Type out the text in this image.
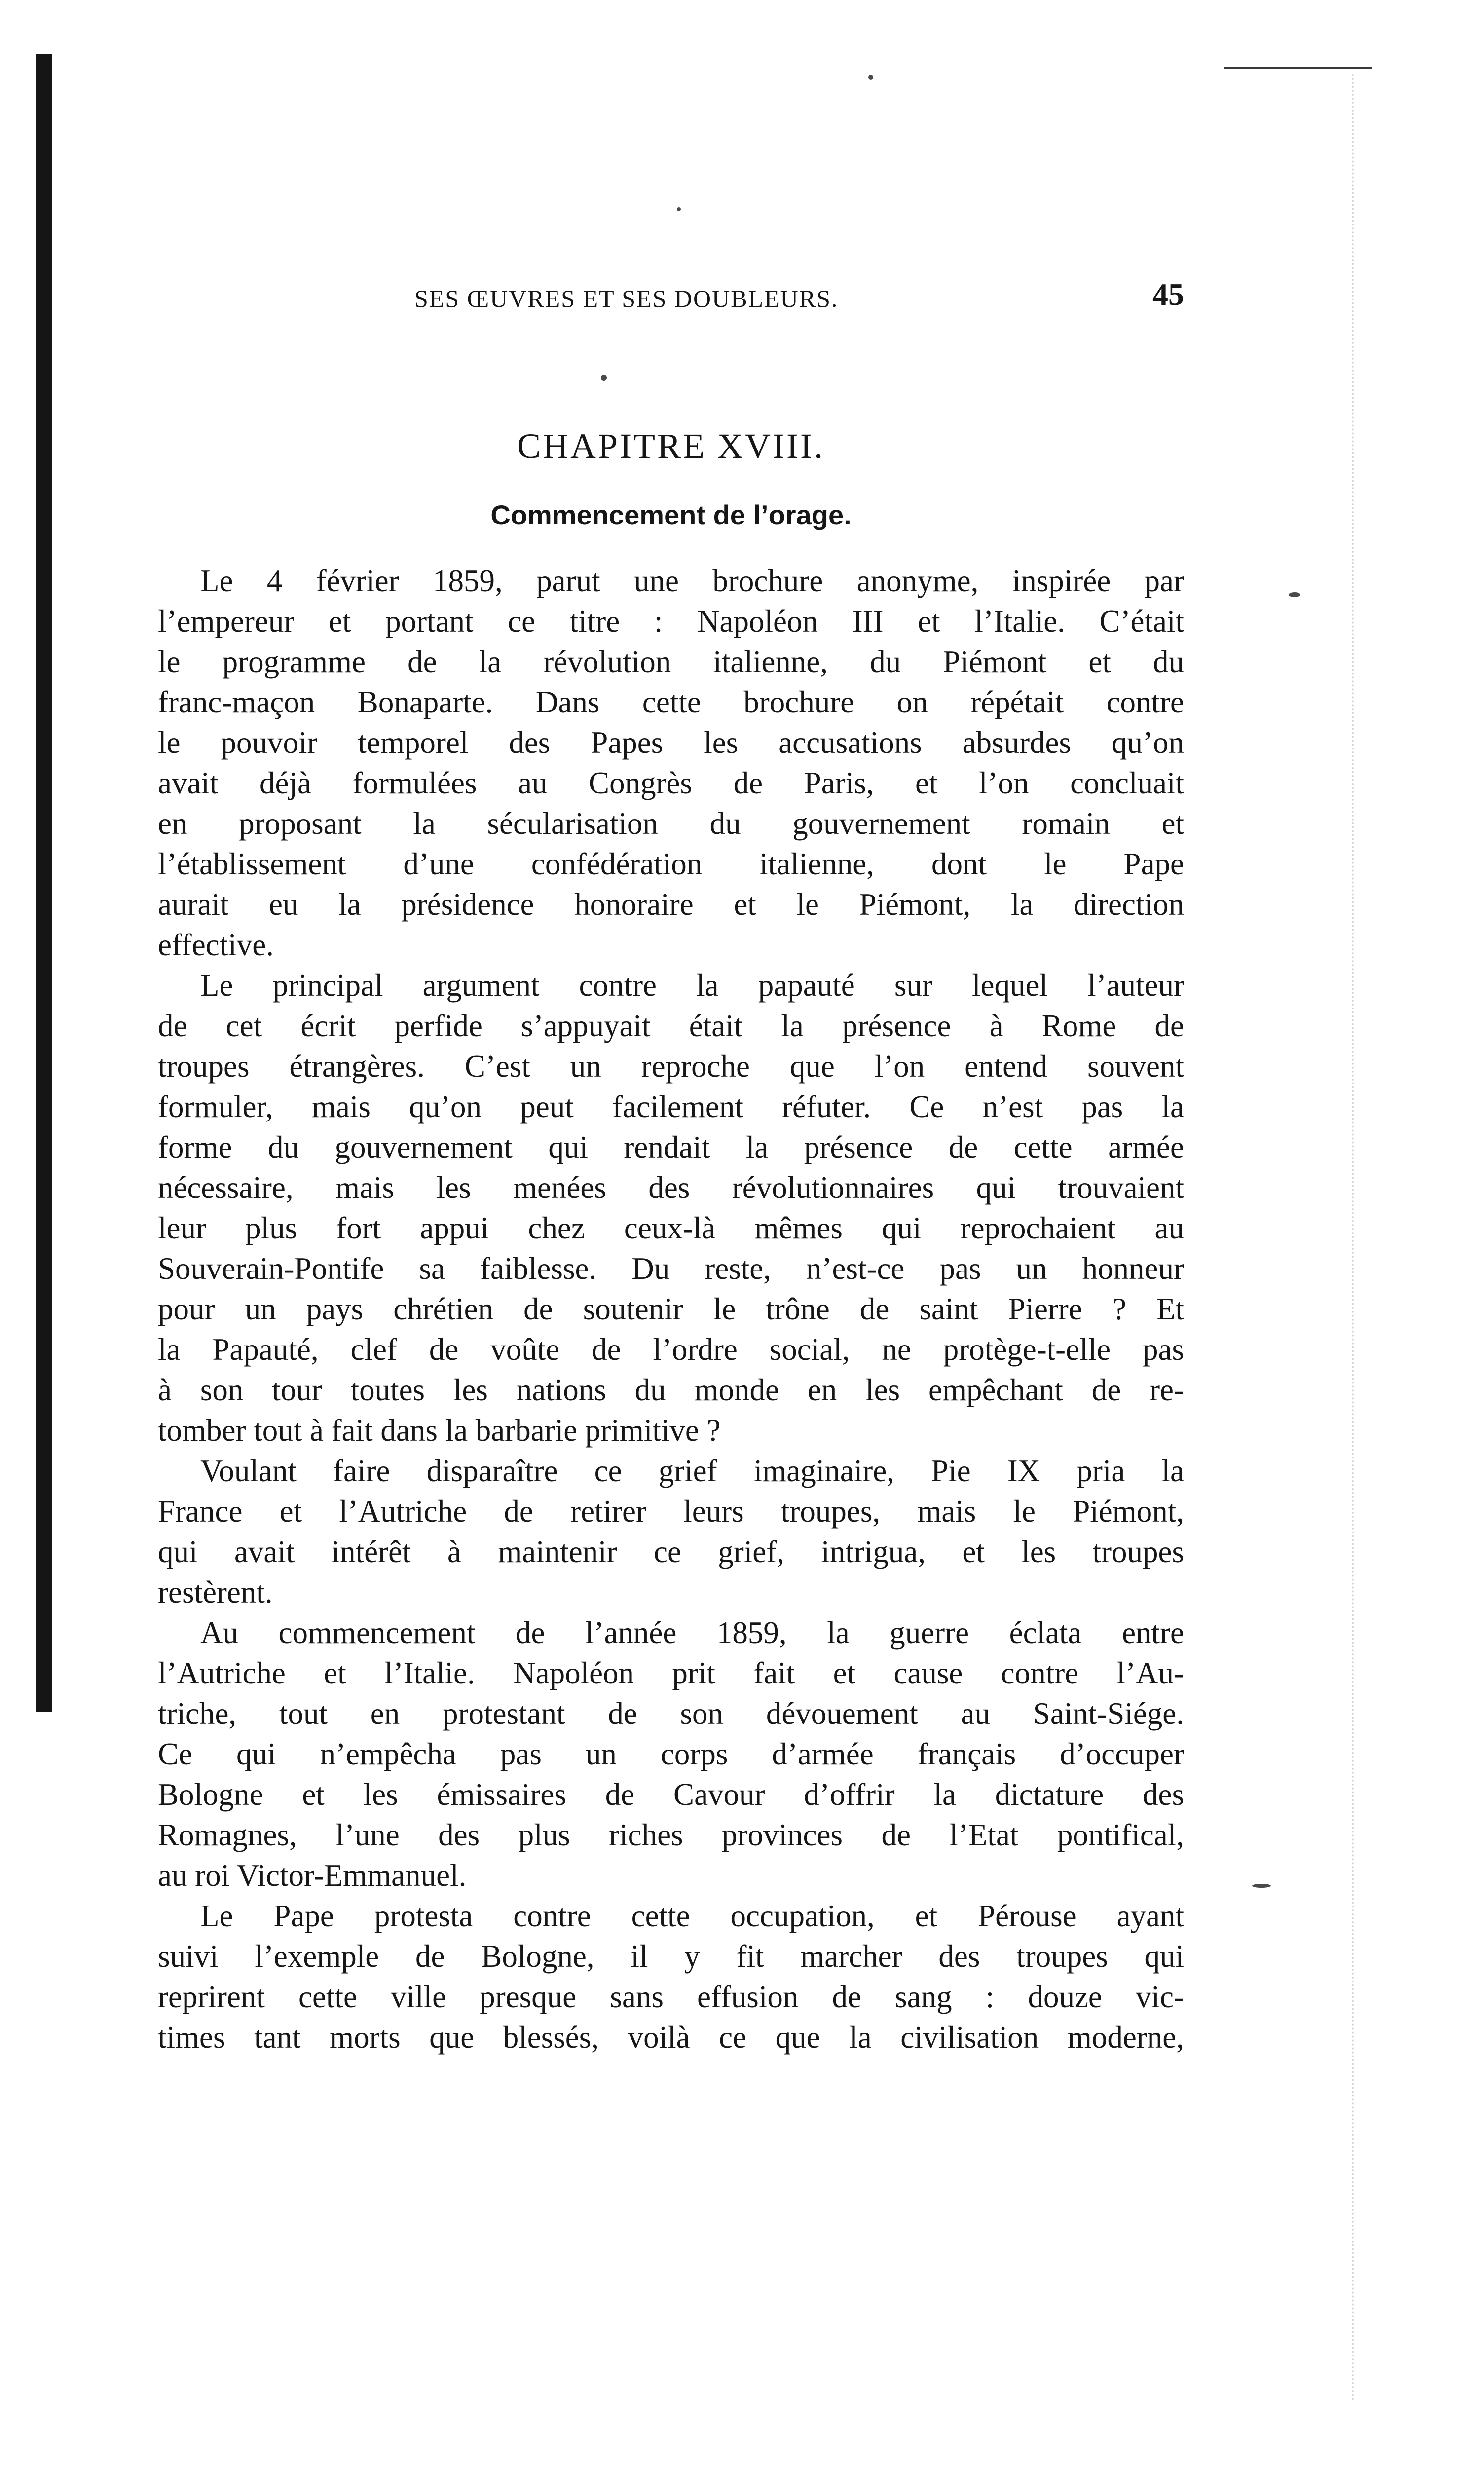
SES ŒUVRES ET SES DOUBLEURS.	45
CHAPITRE XVIII.
Commencement de l’orage.
Le 4 février 1859, parut une brochure anonyme, inspirée par
l’empereur et portant ce titre : Napoléon III et l’Italie. C’était
le programme de la révolution italienne, du Piémont et du
franc-maçon Bonaparte. Dans cette brochure on répétait contre
le pouvoir temporel des Papes les accusations absurdes qu’on
avait déjà formulées au Congrès de Paris, et l’on concluait
en proposant la sécularisation du gouvernement romain et
l’établissement d’une confédération italienne, dont le Pape
aurait eu la présidence honoraire et le Piémont, la direction
effective.
Le principal argument contre la papauté sur lequel l’auteur
de cet écrit perfide s’appuyait était la présence à Rome de
troupes étrangères. C’est un reproche que l’on entend souvent
formuler, mais qu’on peut facilement réfuter. Ce n’est pas la
forme du gouvernement qui rendait la présence de cette armée
nécessaire, mais les menées des révolutionnaires qui trouvaient
leur plus fort appui chez ceux-là mêmes qui reprochaient au
Souverain-Pontife sa faiblesse. Du reste, n’est-ce pas un honneur
pour un pays chrétien de soutenir le trône de saint Pierre ? Et
la Papauté, clef de voûte de l’ordre social, ne protège-t-elle pas
à son tour toutes les nations du monde en les empêchant de re-
tomber tout à fait dans la barbarie primitive ?
Voulant faire disparaître ce grief imaginaire, Pie IX pria la
France et l’Autriche de retirer leurs troupes, mais le Piémont,
qui avait intérêt à maintenir ce grief, intrigua, et les troupes
restèrent.
Au commencement de l’année 1859, la guerre éclata entre
l’Autriche et l’Italie. Napoléon prit fait et cause contre l’Au-
triche, tout en protestant de son dévouement au Saint-Siége.
Ce qui n’empêcha pas un corps d’armée français d’occuper
Bologne et les émissaires de Cavour d’offrir la dictature des
Romagnes, l’une des plus riches provinces de l’Etat pontifical,
au roi Victor-Emmanuel.
Le Pape protesta contre cette occupation, et Pérouse ayant
suivi l’exemple de Bologne, il y fit marcher des troupes qui
reprirent cette ville presque sans effusion de sang : douze vic-
times tant morts que blessés, voilà ce que la civilisation moderne,
